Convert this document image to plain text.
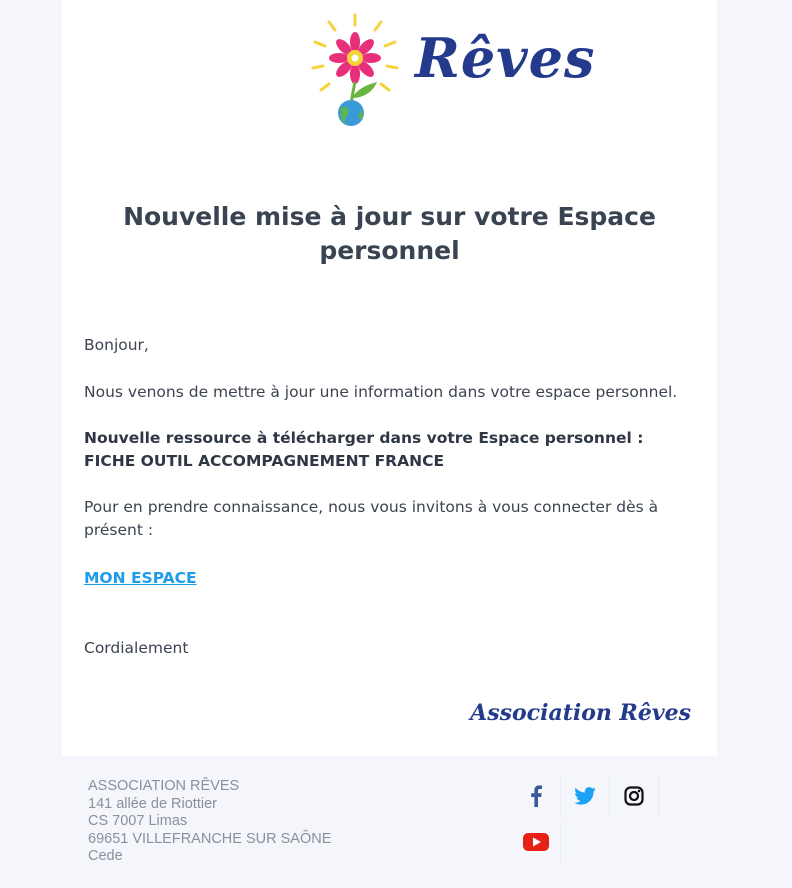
Rêves
Nouvelle mise à jour sur votre Espace personnel
Bonjour,
Nous venons de mettre à jour une information dans votre espace personnel.
Nouvelle ressource à télécharger dans votre Espace personnel : FICHE OUTIL ACCOMPAGNEMENT FRANCE
Pour en prendre connaissance, nous vous invitons à vous connecter dès à présent :
MON ESPACE
Cordialement
Association Rêves
ASSOCIATION RÊVES
141 allée de Riottier
CS 7007 Limas
69651 VILLEFRANCHE SUR SAÔNE
Cede
